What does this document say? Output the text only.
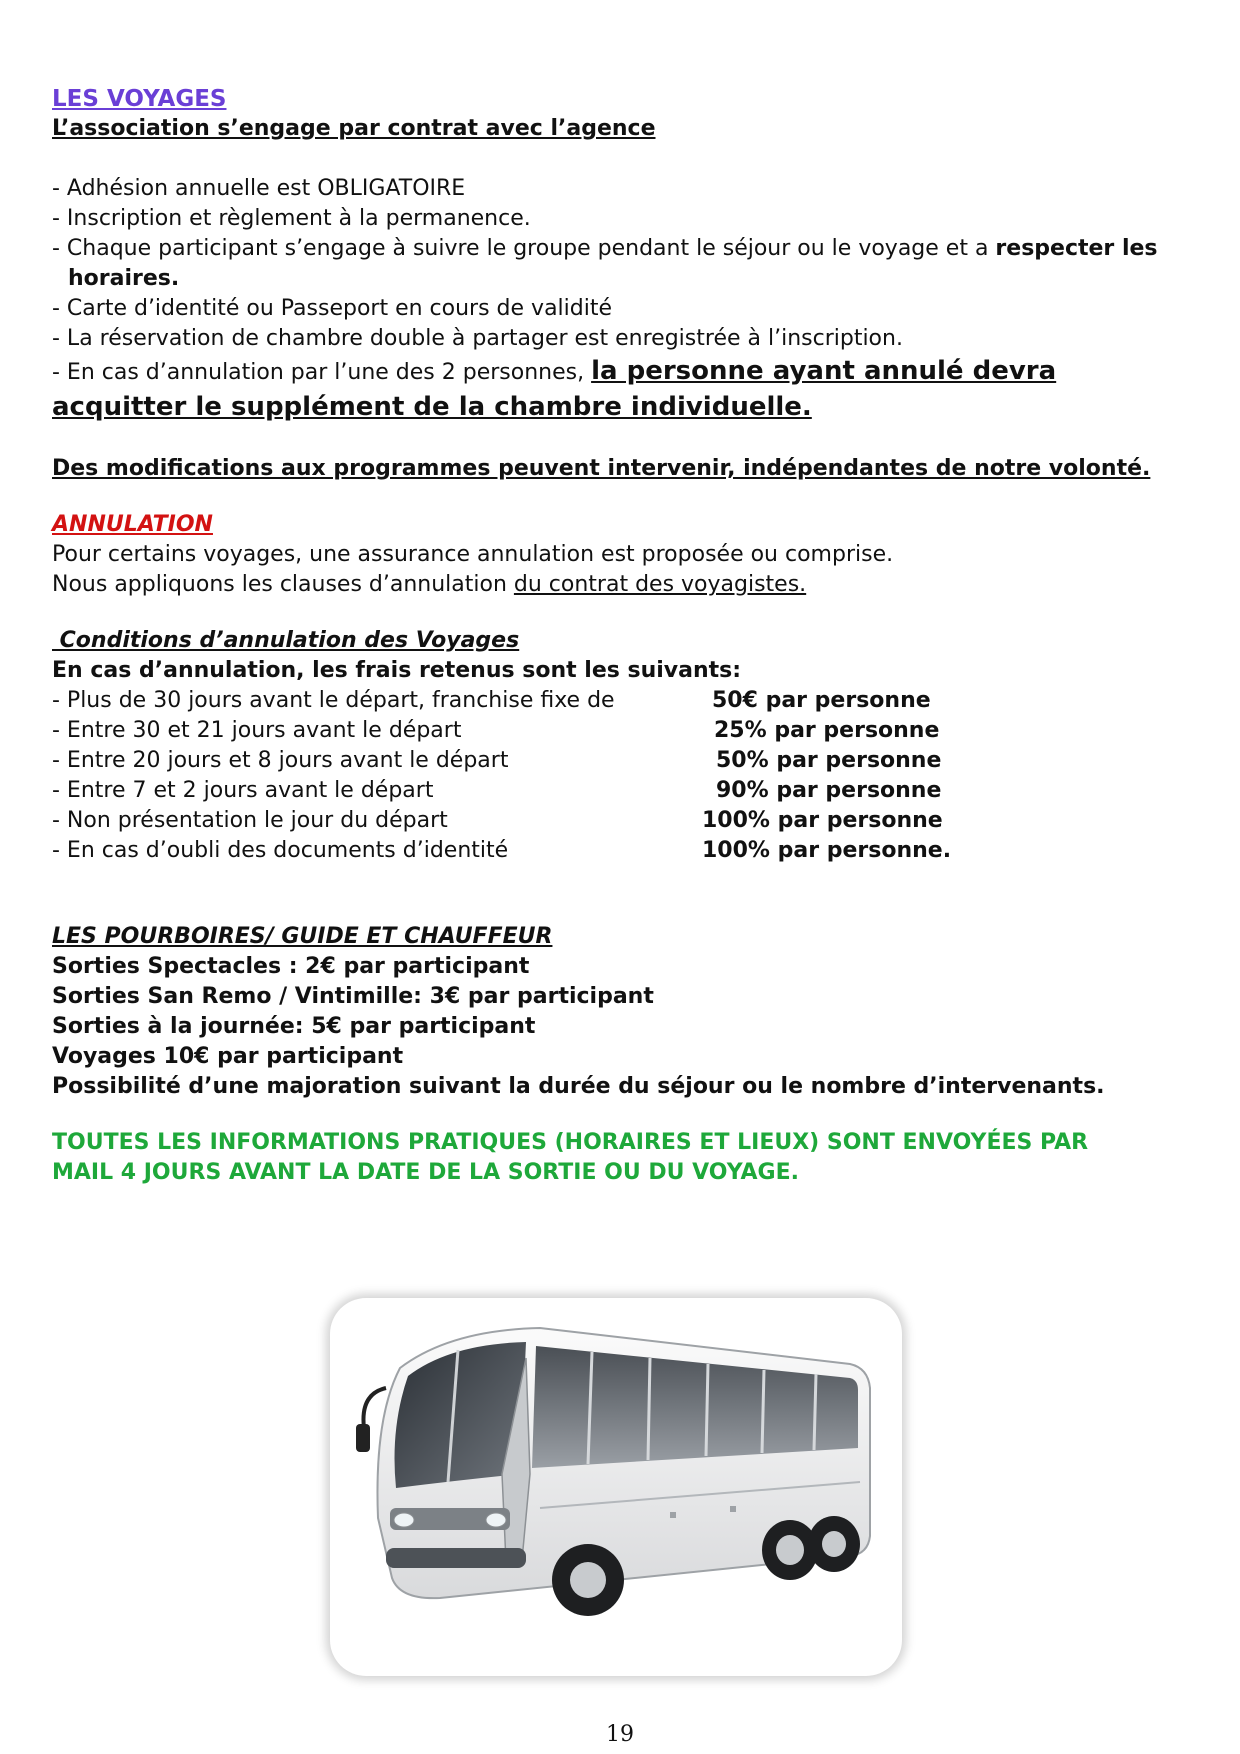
LES VOYAGES

L’association s’engage par contrat avec l’agence

- Adhésion annuelle est OBLIGATOIRE

- Inscription et règlement à la permanence.

- Chaque participant s’engage à suivre le groupe pendant le séjour ou le voyage et a respecter les

horaires.

- Carte d’identité ou Passeport en cours de validité

- La réservation de chambre double à partager est enregistrée à l’inscription.

- En cas d’annulation par l’une des 2 personnes, la personne ayant annulé devra

acquitter le supplément de la chambre individuelle.

Des modifications aux programmes peuvent intervenir, indépendantes de notre volonté.

ANNULATION

Pour certains voyages, une assurance annulation est proposée ou comprise.

Nous appliquons les clauses d’annulation du contrat des voyagistes.

Conditions d’annulation des Voyages

En cas d’annulation, les frais retenus sont les suivants:

- Plus de 30 jours avant le départ, franchise fixe de	50€ par personne
- Entre 30 et 21 jours avant le départ	25% par personne
- Entre 20 jours et 8 jours avant le départ	50% par personne
- Entre 7 et 2 jours avant le départ	90% par personne
- Non présentation le jour du départ	100% par personne
- En cas d’oubli des documents d’identité	100% par personne.

LES POURBOIRES/ GUIDE ET CHAUFFEUR

Sorties Spectacles : 2€ par participant

Sorties San Remo / Vintimille: 3€ par participant

Sorties à la journée: 5€ par participant

Voyages 10€ par participant

Possibilité d’une majoration suivant la durée du séjour ou le nombre d’intervenants.

TOUTES LES INFORMATIONS PRATIQUES (HORAIRES ET LIEUX) SONT ENVOYÉES PAR

MAIL 4 JOURS AVANT LA DATE DE LA SORTIE OU DU VOYAGE.

19
